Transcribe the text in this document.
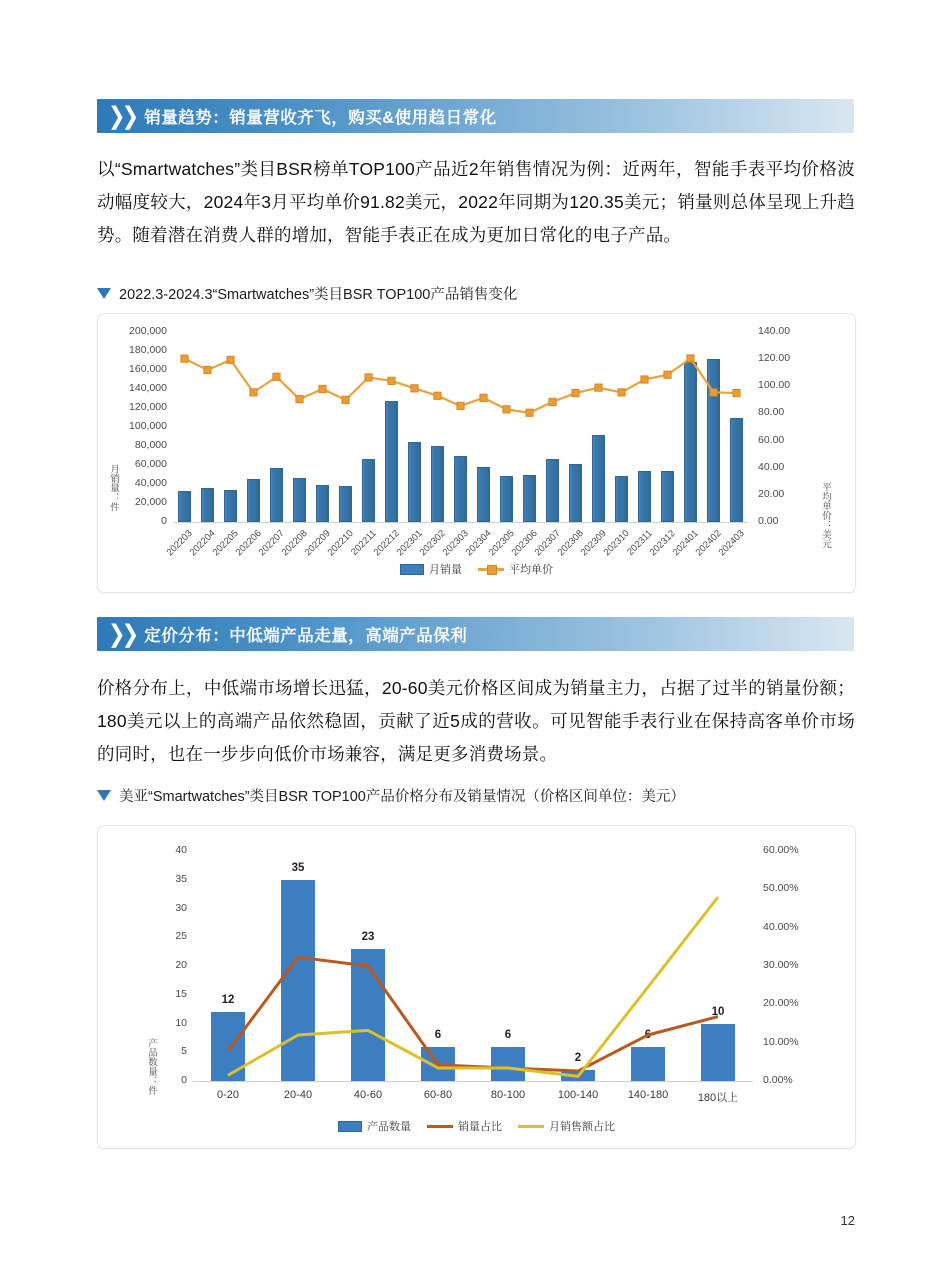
❯❯ 销量趋势：销量营收齐飞，购买&使用趋日常化
以“Smartwatches”类目BSR榜单TOP100产品近2年销售情况为例：近两年，智能手表平均价格波动幅度较大，2024年3月平均单价91.82美元，2022年同期为120.35美元；销量则总体呈现上升趋势。随着潜在消费人群的增加，智能手表正在成为更加日常化的电子产品。
2022.3-2024.3“Smartwatches”类目BSR TOP100产品销售变化
0
20,000
40,000
60,000
80,000
100,000
120,000
140,000
160,000
180,000
200,000
0.00
20.00
40.00
60.00
80.00
100.00
120.00
140.00
202203
202204
202205
202206
202207
202208
202209
202210
202211
202212
202301
202302
202303
202304
202305
202306
202307
202308
202309
202310
202311
202312
202401
202402
202403
月销量：件	平均单价：美元
月销量	平均单价
❯❯ 定价分布：中低端产品走量，高端产品保利
价格分布上，中低端市场增长迅猛，20-60美元价格区间成为销量主力，占据了过半的销量份额；180美元以上的高端产品依然稳固，贡献了近5成的营收。可见智能手表行业在保持高客单价市场的同时，也在一步步向低价市场兼容，满足更多消费场景。
美亚“Smartwatches”类目BSR TOP100产品价格分布及销量情况（价格区间单位：美元）
0
5
10
15
20
25
30
35
40
0.00%
10.00%
20.00%
30.00%
40.00%
50.00%
60.00%
12
35
23
6	6
2
6
10
0-20	20-40	40-60	60-80	80-100	100-140	140-180	180以上
产品数量：件
产品数量	销量占比	月销售额占比
12
